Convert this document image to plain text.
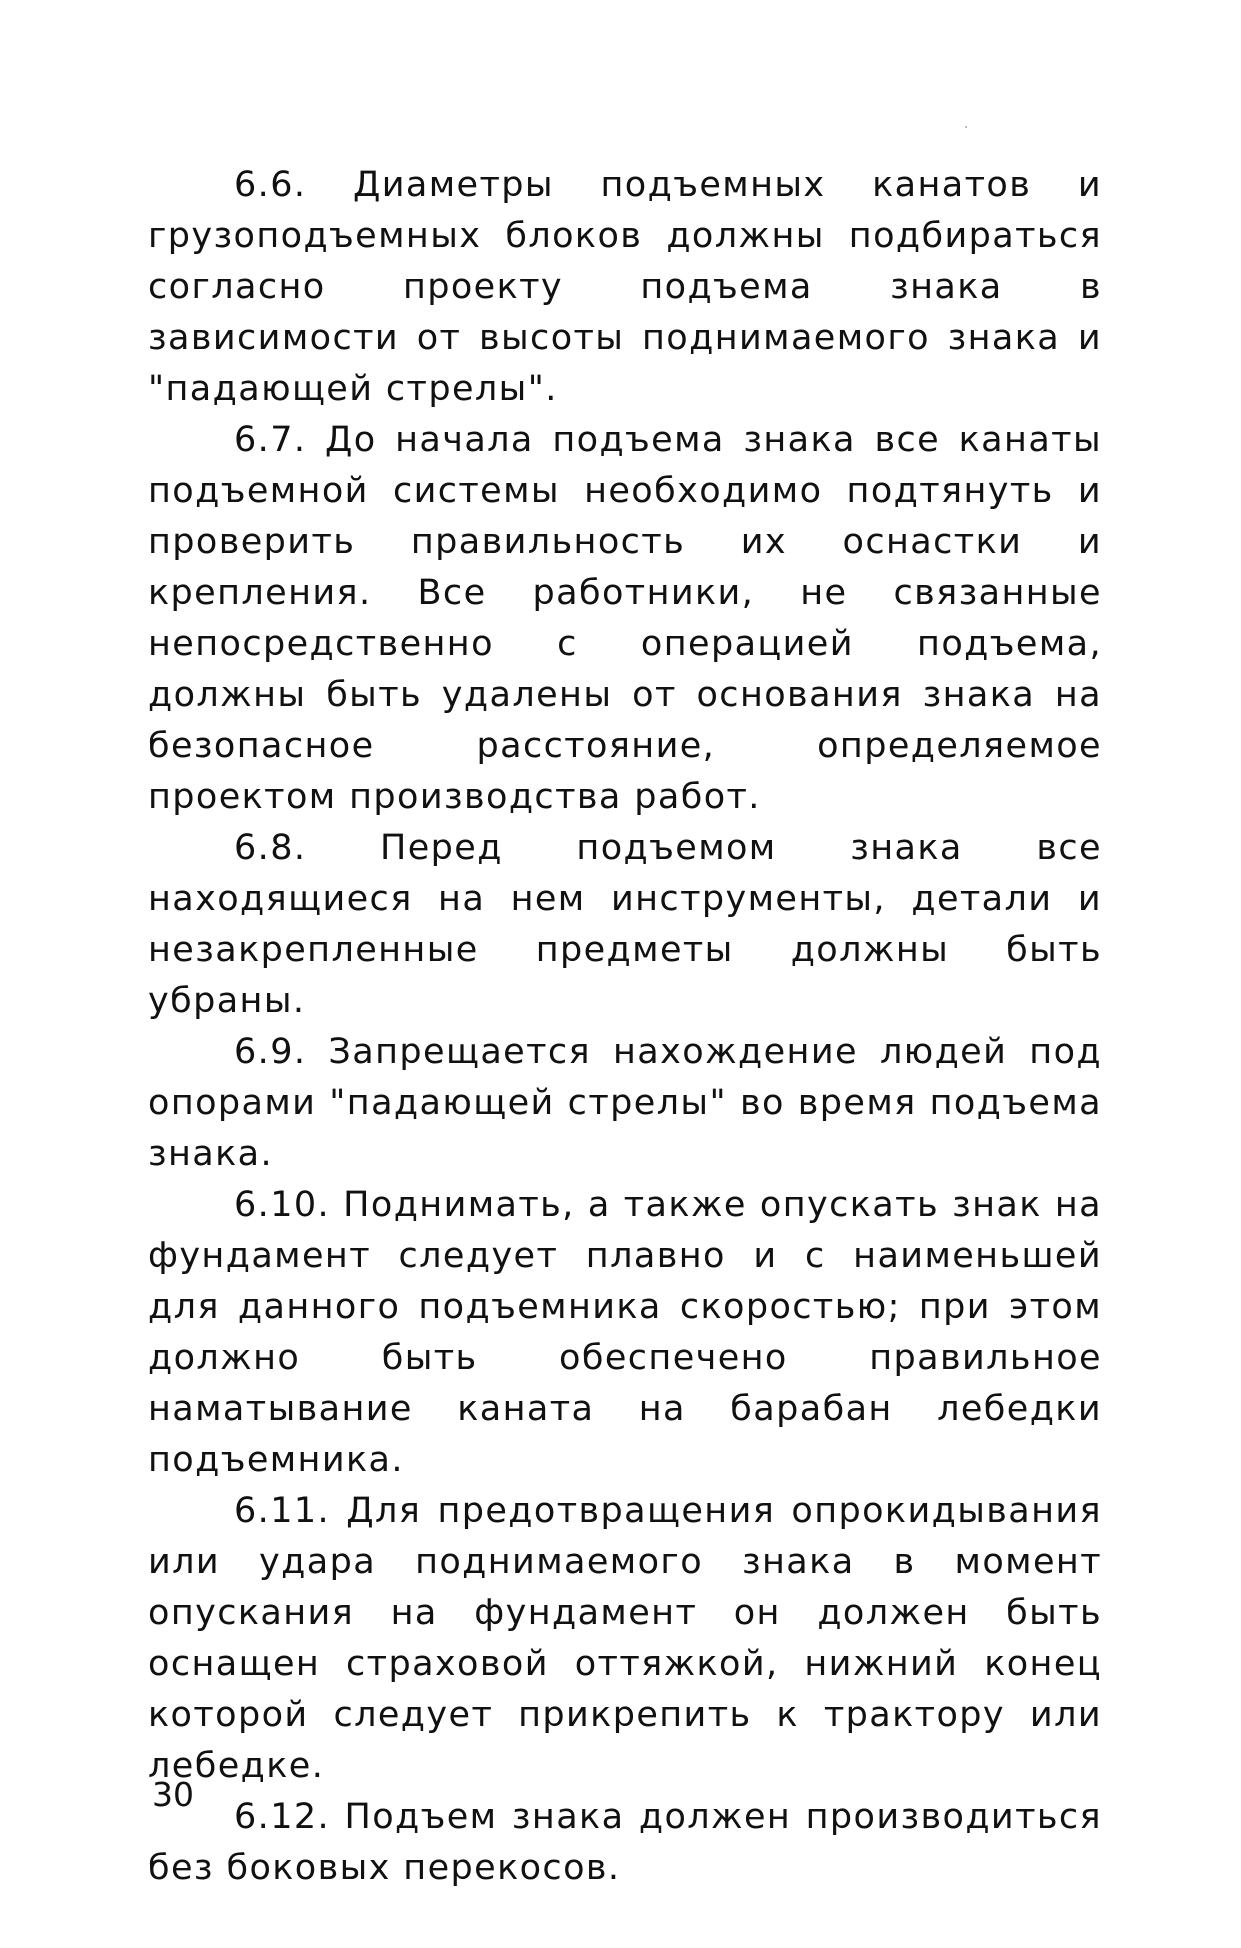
6.6. Диаметры подъемных канатов и грузоподъемных блоков должны подбираться согласно проекту подъема знака в зависимости от высоты поднимаемого знака и "падающей стрелы".

6.7. До начала подъема знака все канаты подъемной системы необходимо подтянуть и проверить правильность их оснастки и крепления. Все работники, не связанные непосредственно с операцией подъема, должны быть удалены от основания знака на безопасное расстояние, определяемое проектом производства работ.

6.8. Перед подъемом знака все находящиеся на нем инструменты, детали и незакрепленные предметы должны быть убраны.

6.9. Запрещается нахождение людей под опорами "падающей стрелы" во время подъема знака.

6.10. Поднимать, а также опускать знак на фундамент следует плавно и с наименьшей для данного подъемника скоростью; при этом должно быть обеспечено правильное наматывание каната на барабан лебедки подъемника.

6.11. Для предотвращения опрокидывания или удара поднимаемого знака в момент опускания на фундамент он должен быть оснащен страховой оттяжкой, нижний конец которой следует прикрепить к трактору или лебедке.

6.12. Подъем знака должен производиться без боковых перекосов.

30
